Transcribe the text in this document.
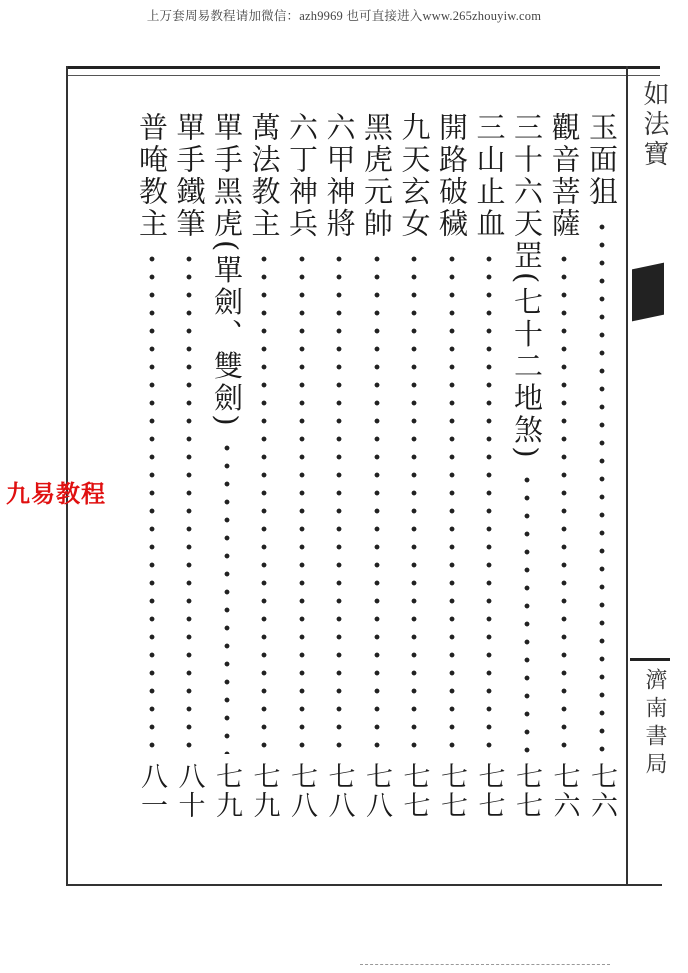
上万套周易教程请加微信：azh9969 也可直接进入www.265zhouyiw.com
如法寶
濟南書局
玉面狙
七六
觀音菩薩
七六
三十六天罡(七十二地煞)
七七
三山止血
七七
開路破穢
七七
九天玄女
七七
黑虎元帥
七八
六甲神將
七八
六丁神兵
七八
萬法教主
七九
單手黑虎(單劍、雙劍)
七九
單手鐵筆
八十
普唵教主
八一
九易教程
